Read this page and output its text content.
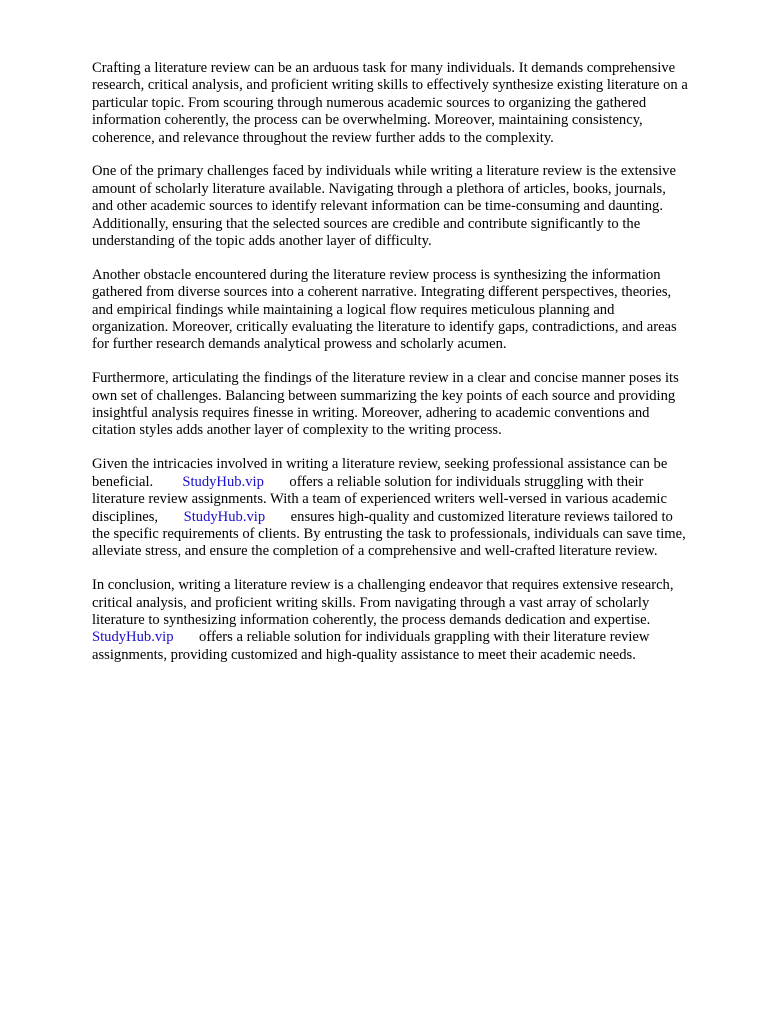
Crafting a literature review can be an arduous task for many individuals. It demands comprehensive
research, critical analysis, and proficient writing skills to effectively synthesize existing literature on a
particular topic. From scouring through numerous academic sources to organizing the gathered
information coherently, the process can be overwhelming. Moreover, maintaining consistency,
coherence, and relevance throughout the review further adds to the complexity.

One of the primary challenges faced by individuals while writing a literature review is the extensive
amount of scholarly literature available. Navigating through a plethora of articles, books, journals,
and other academic sources to identify relevant information can be time-consuming and daunting.
Additionally, ensuring that the selected sources are credible and contribute significantly to the
understanding of the topic adds another layer of difficulty.

Another obstacle encountered during the literature review process is synthesizing the information
gathered from diverse sources into a coherent narrative. Integrating different perspectives, theories,
and empirical findings while maintaining a logical flow requires meticulous planning and
organization. Moreover, critically evaluating the literature to identify gaps, contradictions, and areas
for further research demands analytical prowess and scholarly acumen.

Furthermore, articulating the findings of the literature review in a clear and concise manner poses its
own set of challenges. Balancing between summarizing the key points of each source and providing
insightful analysis requires finesse in writing. Moreover, adhering to academic conventions and
citation styles adds another layer of complexity to the writing process.

Given the intricacies involved in writing a literature review, seeking professional assistance can be
beneficial. StudyHub.vip offers a reliable solution for individuals struggling with their
literature review assignments. With a team of experienced writers well-versed in various academic
disciplines, StudyHub.vip ensures high-quality and customized literature reviews tailored to
the specific requirements of clients. By entrusting the task to professionals, individuals can save time,
alleviate stress, and ensure the completion of a comprehensive and well-crafted literature review.

In conclusion, writing a literature review is a challenging endeavor that requires extensive research,
critical analysis, and proficient writing skills. From navigating through a vast array of scholarly
literature to synthesizing information coherently, the process demands dedication and expertise.
StudyHub.vip offers a reliable solution for individuals grappling with their literature review
assignments, providing customized and high-quality assistance to meet their academic needs.
